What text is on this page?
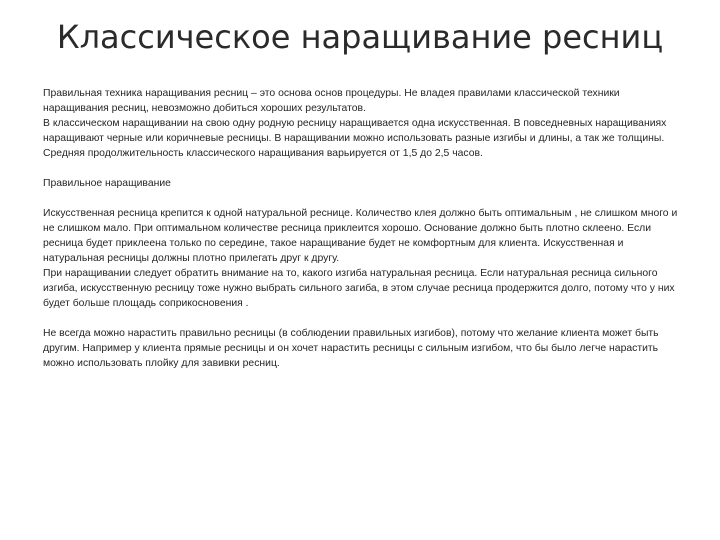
Классическое наращивание ресниц

Правильная техника наращивания ресниц – это основа основ процедуры. Не владея правилами классической техники наращивания ресниц, невозможно добиться хороших результатов.

В классическом наращивании на свою одну родную ресницу наращивается одна искусственная. В повседневных наращиваниях наращивают черные или коричневые ресницы. В наращивании можно использовать разные изгибы и длины, а так же толщины. Средняя продолжительность классического наращивания варьируется от 1,5 до 2,5 часов.

Правильное наращивание

Искусственная ресница крепится к одной натуральной реснице. Количество клея должно быть оптимальным , не слишком много и не слишком мало. При оптимальном количестве ресница приклеится хорошо. Основание должно быть плотно склеено. Если ресница будет приклеена только по середине, такое наращивание будет не комфортным для клиента. Искусственная и натуральная ресницы должны плотно прилегать друг к другу.

При наращивании следует обратить внимание на то, какого изгиба натуральная ресница. Если натуральная ресница сильного изгиба, искусственную ресницу тоже нужно выбрать сильного загиба, в этом случае ресница продержится долго, потому что у них будет больше площадь соприкосновения .

Не всегда можно нарастить правильно ресницы (в соблюдении правильных изгибов), потому что желание клиента может быть другим. Например у клиента прямые ресницы и он хочет нарастить ресницы с сильным изгибом, что бы было легче нарастить можно использовать плойку для завивки ресниц.
